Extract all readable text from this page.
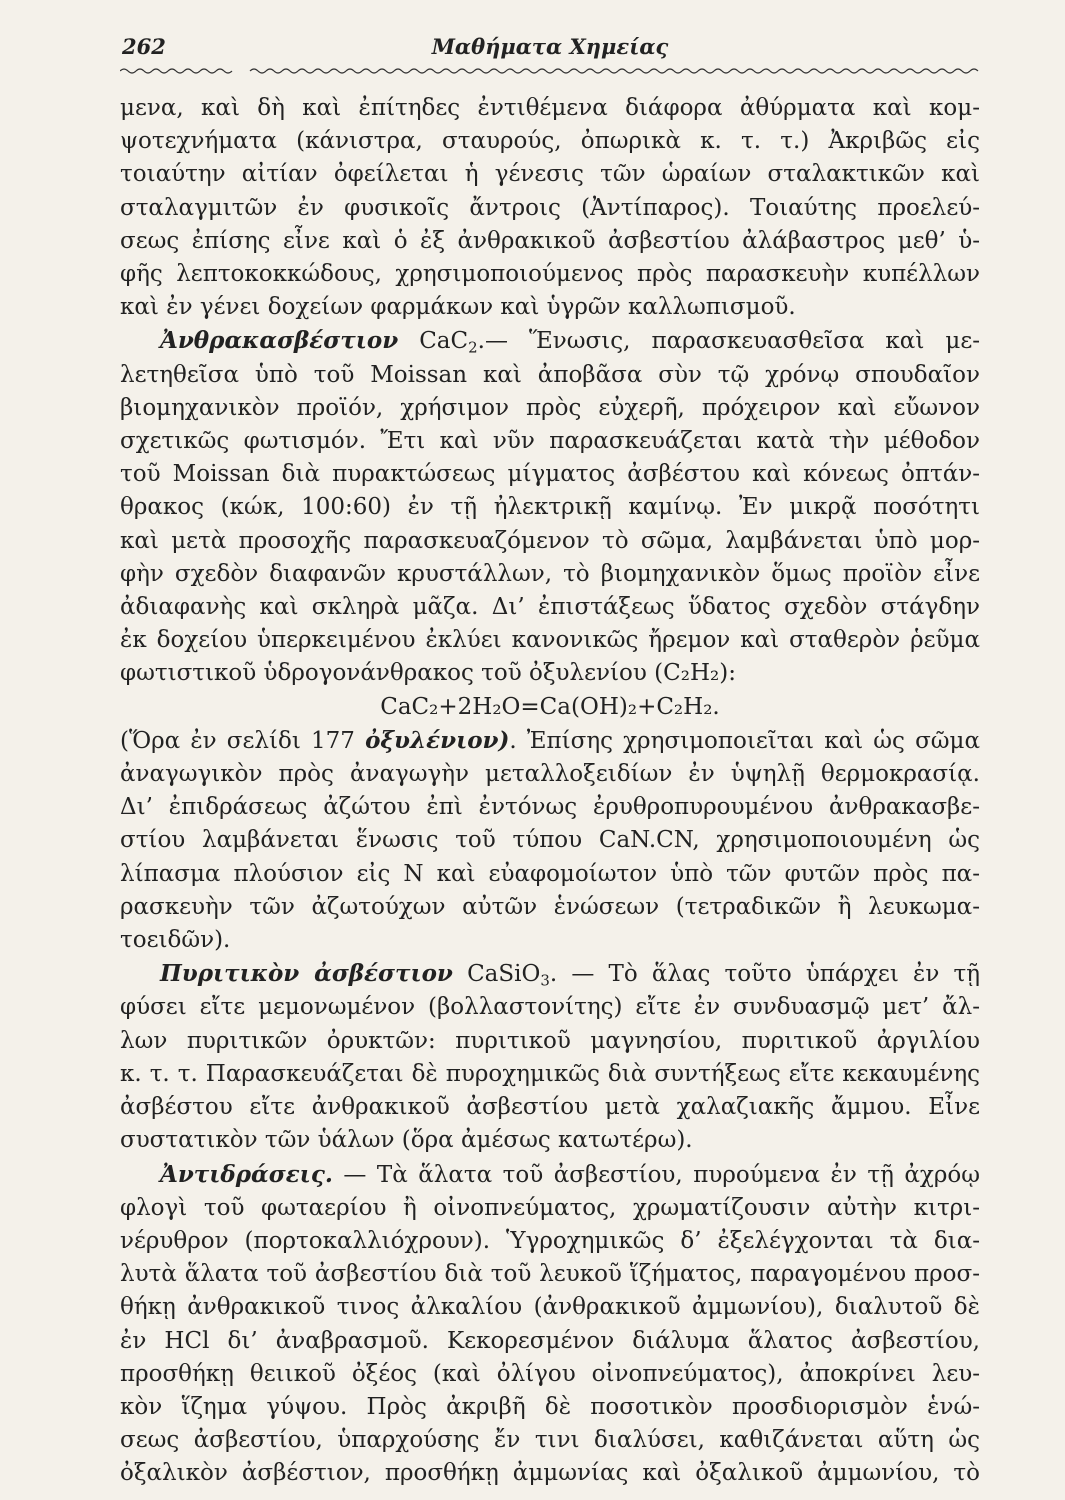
262	Μαθήματα Χημείας
μενα, καὶ δὴ καὶ ἐπίτηδες ἐντιθέμενα διάφορα ἀθύρματα καὶ κομ-
ψοτεχνήματα (κάνιστρα, σταυρούς, ὀπωρικὰ κ. τ. τ.) Ἀκριβῶς εἰς
τοιαύτην αἰτίαν ὀφείλεται ἡ γένεσις τῶν ὡραίων σταλακτικῶν καὶ
σταλαγμιτῶν ἐν φυσικοῖς ἄντροις (Ἀντίπαρος). Τοιαύτης προελεύ-
σεως ἐπίσης εἶνε καὶ ὁ ἐξ ἀνθρακικοῦ ἀσβεστίου ἀλάβαστρος μεθ’ ὑ-
φῆς λεπτοκοκκώδους, χρησιμοποιούμενος πρὸς παρασκευὴν κυπέλλων
καὶ ἐν γένει δοχείων φαρμάκων καὶ ὑγρῶν καλλωπισμοῦ.
Ἀνθρακασβέστιον CaC$_2$.— Ἕνωσις, παρασκευασθεῖσα καὶ με-
λετηθεῖσα ὑπὸ τοῦ Moissan καὶ ἀποβᾶσα σὺν τῷ χρόνῳ σπουδαῖον
βιομηχανικὸν προϊόν, χρήσιμον πρὸς εὐχερῆ, πρόχειρον καὶ εὔωνον
σχετικῶς φωτισμόν. Ἔτι καὶ νῦν παρασκευάζεται κατὰ τὴν μέθοδον
τοῦ Moissan διὰ πυρακτώσεως μίγματος ἀσβέστου καὶ κόνεως ὀπτάν-
θρακος (κώκ, 100:60) ἐν τῇ ἠλεκτρικῇ καμίνῳ. Ἐν μικρᾷ ποσότητι
καὶ μετὰ προσοχῆς παρασκευαζόμενον τὸ σῶμα, λαμβάνεται ὑπὸ μορ-
φὴν σχεδὸν διαφανῶν κρυστάλλων, τὸ βιομηχανικὸν ὅμως προϊὸν εἶνε
ἀδιαφανὴς καὶ σκληρὰ μᾶζα. Δι’ ἐπιστάξεως ὕδατος σχεδὸν στάγδην
ἐκ δοχείου ὑπερκειμένου ἐκλύει κανονικῶς ἤρεμον καὶ σταθερὸν ῥεῦμα
φωτιστικοῦ ὑδρογονάνθρακος τοῦ ὀξυλενίου (C₂H₂):
CaC₂+2H₂O=Ca(OH)₂+C₂H₂.
(Ὅρα ἐν σελίδι 177 ὀξυλένιον). Ἐπίσης χρησιμοποιεῖται καὶ ὡς σῶμα
ἀναγωγικὸν πρὸς ἀναγωγὴν μεταλλοξειδίων ἐν ὑψηλῇ θερμοκρασίᾳ.
Δι’ ἐπιδράσεως ἀζώτου ἐπὶ ἐντόνως ἐρυθροπυρουμένου ἀνθρακασβε-
στίου λαμβάνεται ἕνωσις τοῦ τύπου CaN.CN, χρησιμοποιουμένη ὡς
λίπασμα πλούσιον εἰς N καὶ εὐαφομοίωτον ὑπὸ τῶν φυτῶν πρὸς πα-
ρασκευὴν τῶν ἀζωτούχων αὐτῶν ἑνώσεων (τετραδικῶν ἢ λευκωμα-
τοειδῶν).
Πυριτικὸν ἀσβέστιον CaSiO$_3$. — Τὸ ἅλας τοῦτο ὑπάρχει ἐν τῇ
φύσει εἴτε μεμονωμένον (βολλαστονίτης) εἴτε ἐν συνδυασμῷ μετ’ ἄλ-
λων πυριτικῶν ὀρυκτῶν: πυριτικοῦ μαγνησίου, πυριτικοῦ ἀργιλίου
κ. τ. τ. Παρασκευάζεται δὲ πυροχημικῶς διὰ συντήξεως εἴτε κεκαυμένης
ἀσβέστου εἴτε ἀνθρακικοῦ ἀσβεστίου μετὰ χαλαζιακῆς ἄμμου. Εἶνε
συστατικὸν τῶν ὑάλων (ὅρα ἀμέσως κατωτέρω).
Ἀντιδράσεις. — Τὰ ἅλατα τοῦ ἀσβεστίου, πυρούμενα ἐν τῇ ἀχρόῳ
φλογὶ τοῦ φωταερίου ἢ οἰνοπνεύματος, χρωματίζουσιν αὐτὴν κιτρι-
νέρυθρον (πορτοκαλλιόχρουν). Ὑγροχημικῶς δ’ ἐξελέγχονται τὰ δια-
λυτὰ ἅλατα τοῦ ἀσβεστίου διὰ τοῦ λευκοῦ ἵζήματος, παραγομένου προσ-
θήκῃ ἀνθρακικοῦ τινος ἀλκαλίου (ἀνθρακικοῦ ἀμμωνίου), διαλυτοῦ δὲ
ἐν HCl δι’ ἀναβρασμοῦ. Κεκορεσμένον διάλυμα ἅλατος ἀσβεστίου,
προσθήκῃ θειικοῦ ὀξέος (καὶ ὀλίγου οἰνοπνεύματος), ἀποκρίνει λευ-
κὸν ἵζημα γύψου. Πρὸς ἀκριβῆ δὲ ποσοτικὸν προσδιορισμὸν ἑνώ-
σεως ἀσβεστίου, ὑπαρχούσης ἔν τινι διαλύσει, καθιζάνεται αὕτη ὡς
ὀξαλικὸν ἀσβέστιον, προσθήκῃ ἀμμωνίας καὶ ὀξαλικοῦ ἀμμωνίου, τὸ
